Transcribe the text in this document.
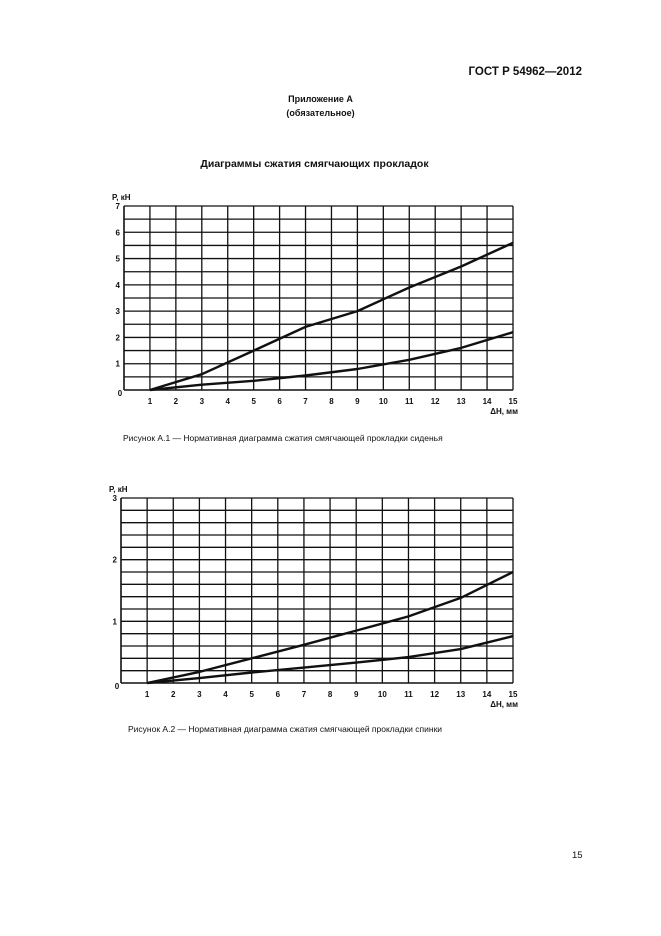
ГОСТ Р 54962—2012
Приложение А
(обязательное)
Диаграммы сжатия смягчающих прокладок
1	2	3	4	5	6	7	8	9 10 11 12 13 14 15
0
7
6
5
4
3
2
1
P, кН
ΔH, мм
1	2	3	4	5	6	7	8	9 10 11 12 13 14 15
0
3
2
1
P, кН
ΔH, мм
Рисунок А.1 — Нормативная диаграмма сжатия смягчающей прокладки сиденья
Рисунок А.2 — Нормативная диаграмма сжатия смягчающей прокладки спинки
15
